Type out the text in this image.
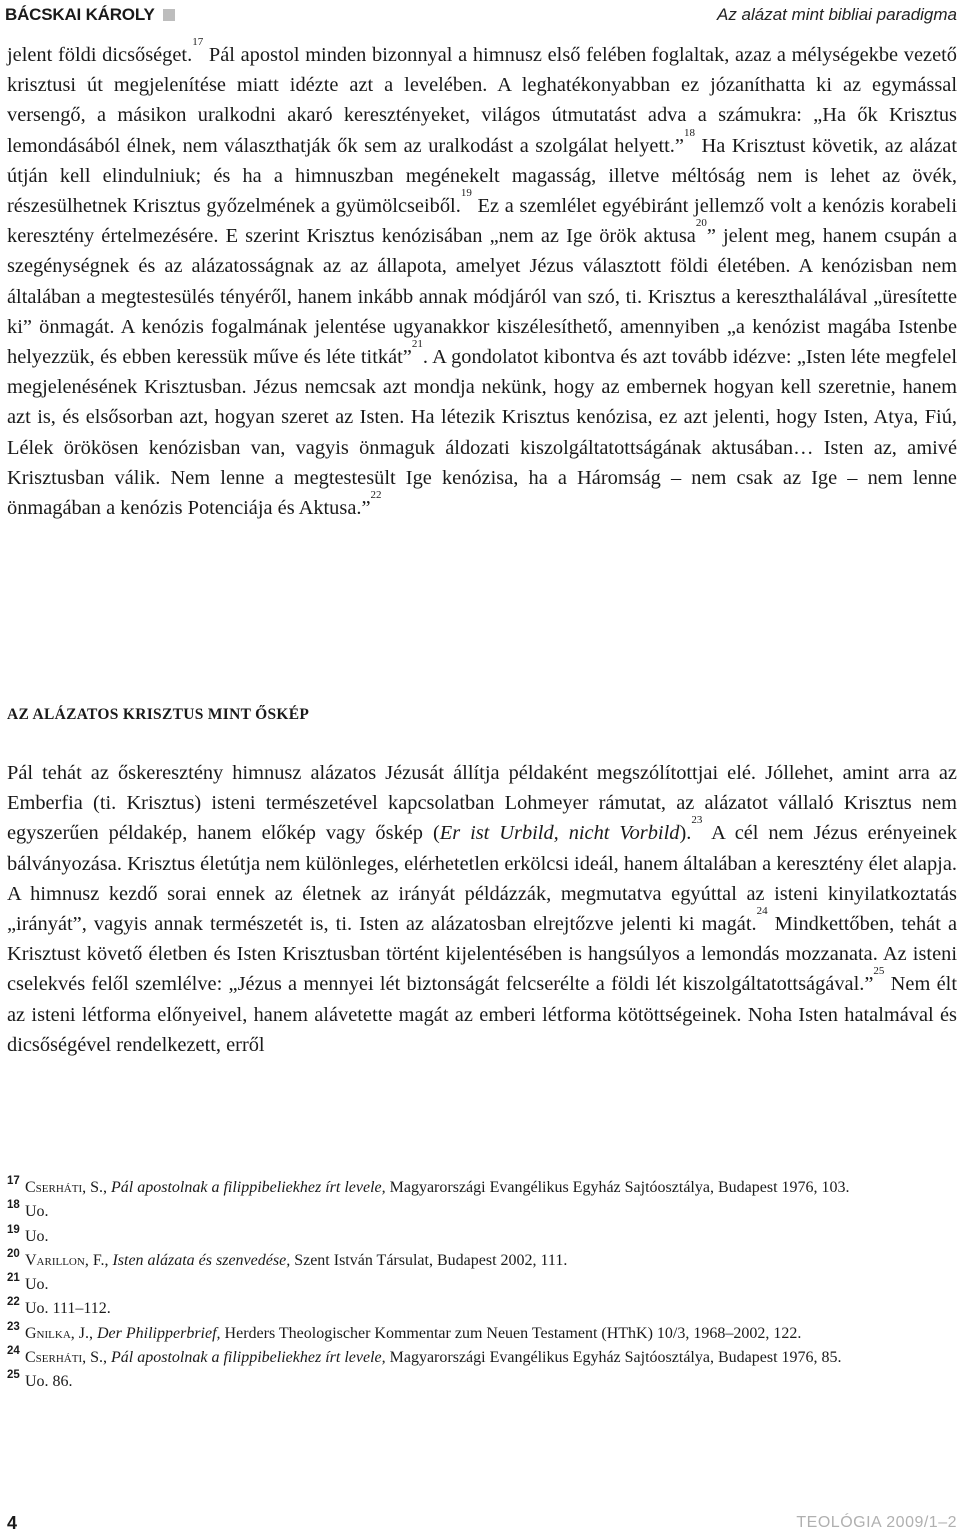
BÁCSKAI KÁROLY	Az alázat mint bibliai paradigma

jelent földi dicsőséget.$^{17}$ Pál apostol minden bizonnyal a himnusz első felében foglaltak, azaz a mélységekbe vezető krisztusi út megjelenítése miatt idézte azt a levelében. A leghatékonyabban ez józaníthatta ki az egymással versengő, a másikon uralkodni akaró keresztényeket, világos útmutatást adva a számukra: „Ha ők Krisztus lemondásából élnek, nem választhatják ők sem az uralkodást a szolgálat helyett.”$^{18}$ Ha Krisztust követik, az alázat útján kell elindulniuk; és ha a himnuszban megénekelt magasság, illetve méltóság nem is lehet az övék, részesülhetnek Krisztus győzelmének a gyümölcseiből.$^{19}$ Ez a szemlélet egyébiránt jellemző volt a kenózis korabeli keresztény értelmezésére. E szerint Krisztus kenózisában „nem az Ige örök aktusa$^{20}$” jelent meg, hanem csupán a szegénységnek és az alázatosságnak az az állapota, amelyet Jézus választott földi életében. A kenózisban nem általában a megtestesülés tényéről, hanem inkább annak módjáról van szó, ti. Krisztus a kereszthalálával „üresítette ki” önmagát. A kenózis fogalmának jelentése ugyanakkor kiszélesíthető, amennyiben „a kenózist magába Istenbe helyezzük, és ebben keressük műve és léte titkát”$^{21}$. A gondolatot kibontva és azt tovább idézve: „Isten léte megfelel megjelenésének Krisztusban. Jézus nemcsak azt mondja nekünk, hogy az embernek hogyan kell szeretnie, hanem azt is, és elsősorban azt, hogyan szeret az Isten. Ha létezik Krisztus kenózisa, ez azt jelenti, hogy Isten, Atya, Fiú, Lélek örökösen kenózisban van, vagyis önmaguk áldozati kiszolgáltatottságának aktusában… Isten az, amivé Krisztusban válik. Nem lenne a megtestesült Ige kenózisa, ha a Háromság – nem csak az Ige – nem lenne önmagában a kenózis Potenciája és Aktusa.”$^{22}$

AZ ALÁZATOS KRISZTUS MINT ŐSKÉP

Pál tehát az őskeresztény himnusz alázatos Jézusát állítja példaként megszólítottjai elé. Jóllehet, amint arra az Emberfia (ti. Krisztus) isteni természetével kapcsolatban Lohmeyer rámutat, az alázatot vállaló Krisztus nem egyszerűen példakép, hanem előkép vagy őskép (Er ist Urbild, nicht Vorbild).$^{23}$ A cél nem Jézus erényeinek bálványozása. Krisztus életútja nem különleges, elérhetetlen erkölcsi ideál, hanem általában a keresztény élet alapja. A himnusz kezdő sorai ennek az életnek az irányát példázzák, megmutatva egyúttal az isteni kinyilatkoztatás „irányát”, vagyis annak természetét is, ti. Isten az alázatosban elrejtőzve jelenti ki magát.$^{24}$ Mindkettőben, tehát a Krisztust követő életben és Isten Krisztusban történt kijelentésében is hangsúlyos a lemondás mozzanata. Az isteni cselekvés felől szemlélve: „Jézus a mennyei lét biztonságát felcserélte a földi lét kiszolgáltatottságával.”$^{25}$ Nem élt az isteni létforma előnyeivel, hanem alávetette magát az emberi létforma kötöttségeinek. Noha Isten hatalmával és dicsőségével rendelkezett, erről

17 Cserháti, S., Pál apostolnak a filippibeliekhez írt levele, Magyarországi Evangélikus Egyház Sajtóosztálya, Budapest 1976, 103.
18 Uo.
19 Uo.
20 Varillon, F., Isten alázata és szenvedése, Szent István Társulat, Budapest 2002, 111.
21 Uo.
22 Uo. 111–112.
23 Gnilka, J., Der Philipperbrief, Herders Theologischer Kommentar zum Neuen Testament (HThK) 10/3, 1968–2002, 122.
24 Cserháti, S., Pál apostolnak a filippibeliekhez írt levele, Magyarországi Evangélikus Egyház Sajtóosztálya, Budapest 1976, 85.
25 Uo. 86.
4	TEOLÓGIA 2009/1–2
